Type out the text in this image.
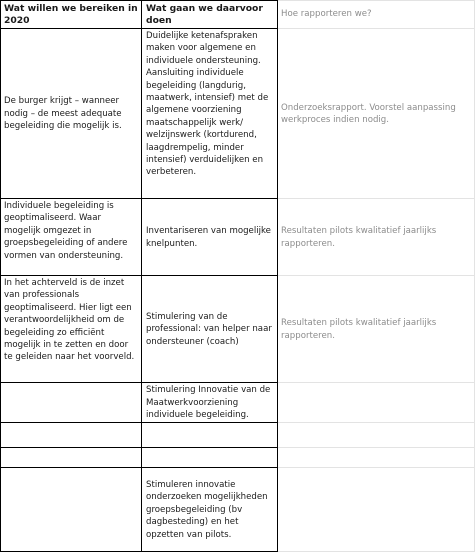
Wat willen we bereiken in 2020
Wat gaan we daarvoor doen
Hoe rapporteren we?
De burger krijgt – wanneer nodig – de meest adequate begeleiding die mogelijk is.
Duidelijke ketenafspraken maken voor algemene en individuele ondersteuning. Aansluiting individuele begeleiding (langdurig, maatwerk, intensief) met de algemene voorziening maatschappelijk werk/ welzijnswerk (kortdurend, laagdrempelig, minder intensief) verduidelijken en verbeteren.
Onderzoeksrapport. Voorstel aanpassing werkproces indien nodig.
Individuele begeleiding is geoptimaliseerd. Waar mogelijk omgezet in groepsbegeleiding of andere vormen van ondersteuning.
Inventariseren van mogelijke knelpunten.
Resultaten pilots kwalitatief jaarlijks rapporteren.
In het achterveld is de inzet van professionals geoptimaliseerd. Hier ligt een verantwoordelijkheid om de begeleiding zo efficiënt mogelijk in te zetten en door te geleiden naar het voorveld.
Stimulering van de professional: van helper naar ondersteuner (coach)
Resultaten pilots kwalitatief jaarlijks rapporteren.
Stimulering Innovatie van de Maatwerkvoorziening individuele begeleiding.
Stimuleren innovatie onderzoeken mogelijkheden groepsbegeleiding (bv dagbesteding) en het opzetten van pilots.
